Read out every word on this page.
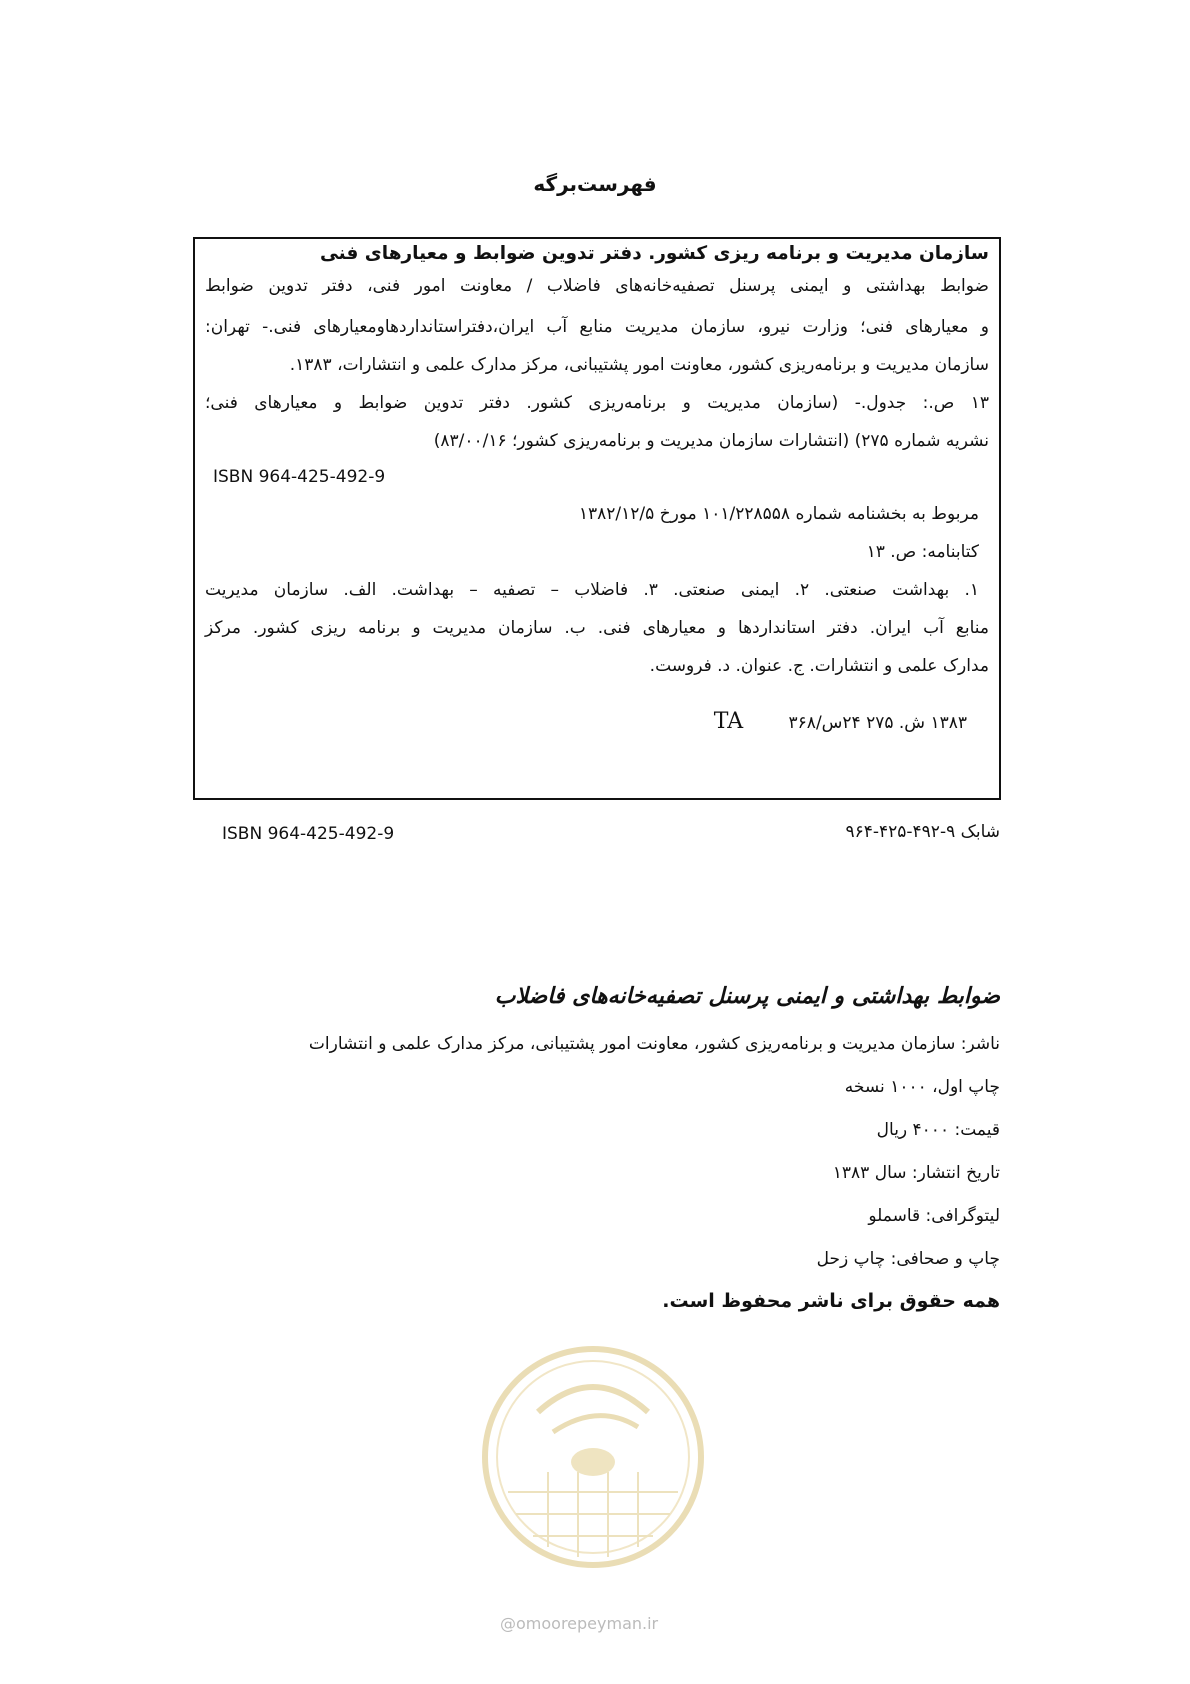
فهرست‌برگه
سازمان مدیریت و برنامه ریزی کشور. دفتر تدوین ضوابط و معیارهای فنی
ضوابط بهداشتی و ایمنی پرسنل تصفیه‌خانه‌های فاضلاب / معاونت امور فنی، دفتر تدوین ضوابط
و معیارهای فنی؛ وزارت نیرو، سازمان مدیریت منابع آب ایران،دفتراستانداردهاومعیارهای فنی.- تهران:
سازمان مدیریت و برنامه‌ریزی کشور، معاونت امور پشتیبانی، مرکز مدارک علمی و انتشارات، ۱۳۸۳.
۱۳ ص.: جدول.- (سازمان مدیریت و برنامه‌ریزی کشور. دفتر تدوین ضوابط و معیارهای فنی؛
نشریه شماره ۲۷۵) (انتشارات سازمان مدیریت و برنامه‌ریزی کشور؛ ۸۳/۰۰/۱۶)
ISBN 964-425-492-9
مربوط به بخشنامه شماره ۱۰۱/۲۲۸۵۵۸ مورخ ۱۳۸۲/۱۲/۵
کتابنامه: ص. ۱۳
۱. بهداشت صنعتی. ۲. ایمنی صنعتی. ۳. فاضلاب – تصفیه – بهداشت. الف. سازمان مدیریت
منابع آب ایران. دفتر استانداردها و معیارهای فنی. ب. سازمان مدیریت و برنامه ریزی کشور. مرکز
مدارک علمی و انتشارات. ج. عنوان. د. فروست.
۱۳۸۳ ش. ۲۷۵ ۲۴س/۳۶۸ TA
ISBN 964-425-492-9	شابک ۹-۴۹۲-۴۲۵-۹۶۴
ضوابط بهداشتی و ایمنی پرسنل تصفیه‌خانه‌های فاضلاب
ناشر: سازمان مدیریت و برنامه‌ریزی کشور، معاونت امور پشتیبانی، مرکز مدارک علمی و انتشارات
چاپ اول، ۱۰۰۰ نسخه
قیمت: ۴۰۰۰ ریال
تاریخ انتشار: سال ۱۳۸۳
لیتوگرافی: قاسملو
چاپ و صحافی: چاپ زحل
همه حقوق برای ناشر محفوظ است.
@omoorepeyman.ir
